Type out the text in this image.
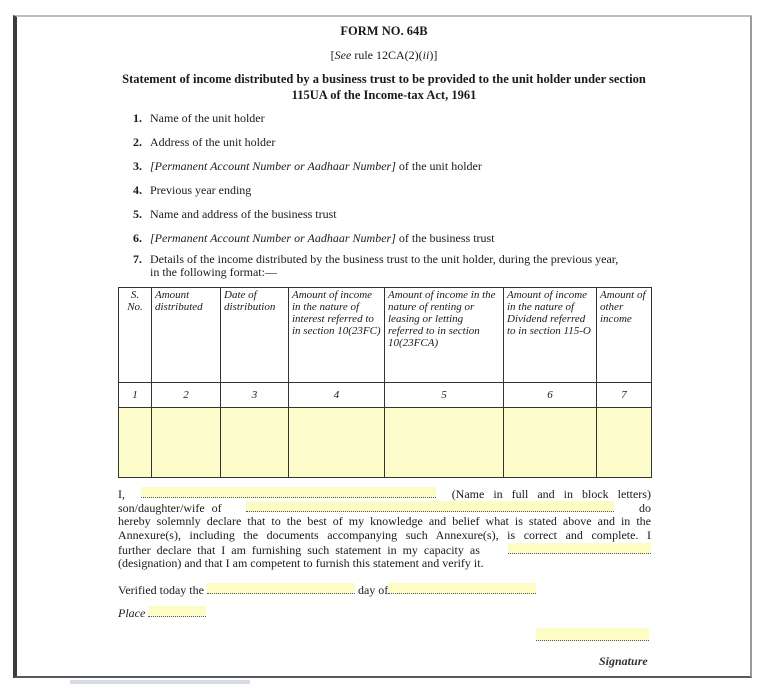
FORM NO. 64B
[See rule 12CA(2)(ii)]
Statement of income distributed by a business trust to be provided to the unit holder under section
115UA of the Income-tax Act, 1961
1. Name of the unit holder
2. Address of the unit holder
3. [Permanent Account Number or Aadhaar Number] of the unit holder
4. Previous year ending
5. Name and address of the business trust
6. [Permanent Account Number or Aadhaar Number] of the business trust
7. Details of the income distributed by the business trust to the unit holder, during the previous year,
in the following format:—
S. No.	Amount distributed	Date of distribution	Amount of income in the nature of interest referred to in section 10(23FC)	Amount of income in the nature of renting or leasing or letting referred to in section 10(23FCA)	Amount of income in the nature of Dividend referred to in section 115-O	Amount of other income
1	2	3	4	5	6	7

I,	(Name in full and in block letters)
son/daughter/wife of	do
hereby solemnly declare that to the best of my knowledge and belief what is stated above and in the
Annexure(s), including the documents accompanying such Annexure(s), is correct and complete. I
further declare that I am furnishing such statement in my capacity as
(designation) and that I am competent to furnish this statement and verify it.
Verified today the	day of
Place
Signature
